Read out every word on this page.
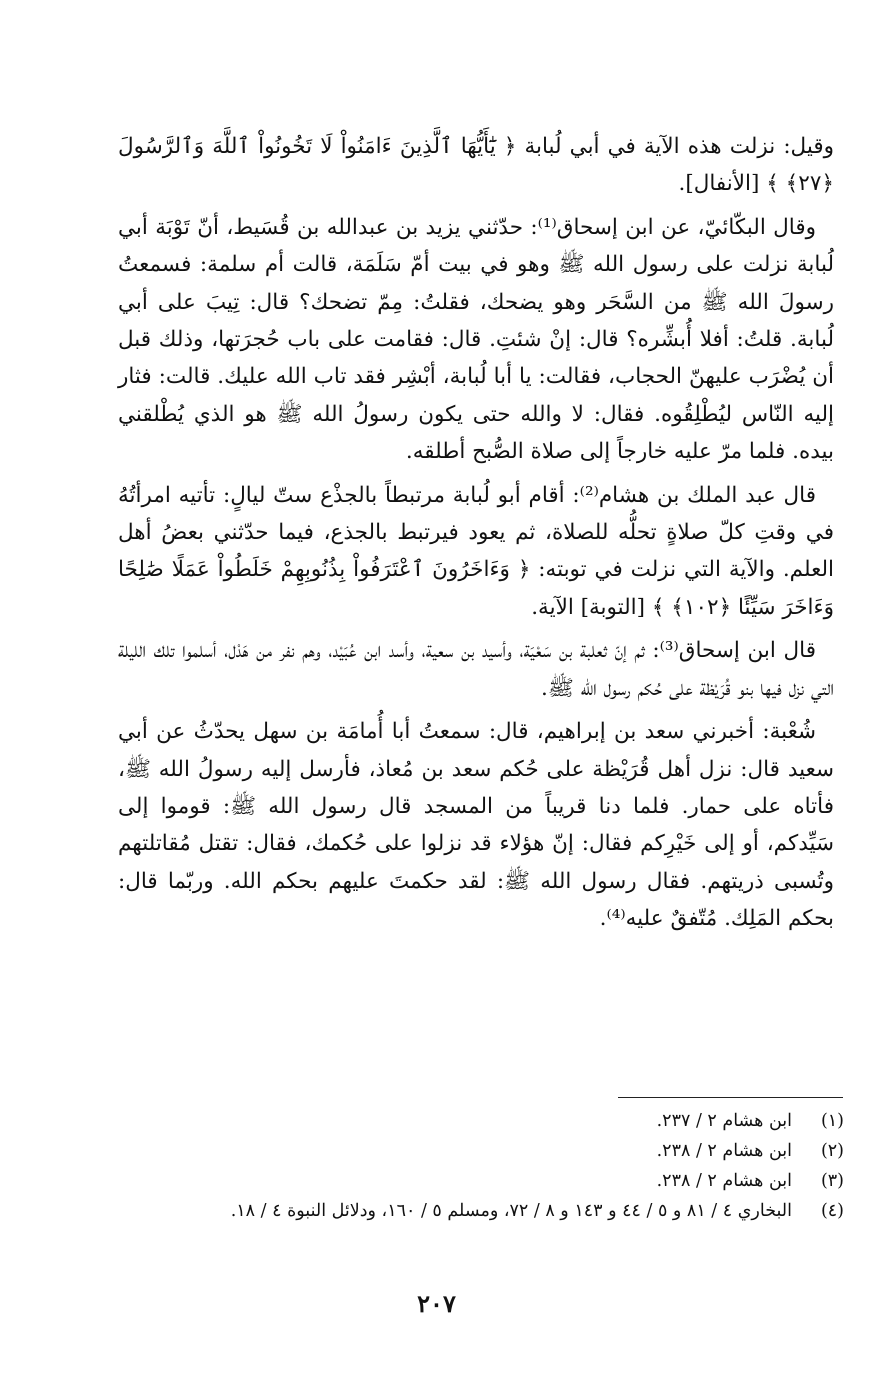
وقيل: نزلت هذه الآية في أبي لُبابة ﴿ يَٰٓأَيُّهَا ٱلَّذِينَ ءَامَنُواْ لَا تَخُونُواْ ٱللَّهَ وَٱلرَّسُولَ ﴿٢٧﴾ ﴾ [الأنفال].

وقال البكّائيّ، عن ابن إسحاق⁽¹⁾: حدّثني يزيد بن عبدالله بن قُسَيط، أنّ تَوْبَة أبي لُبابة نزلت على رسول الله ﷺ وهو في بيت أمّ سَلَمَة، قالت أم سلمة: فسمعتُ رسولَ الله ﷺ من السَّحَر وهو يضحك، فقلتُ: مِمّ تضحك؟ قال: تِيبَ على أبي لُبابة. قلتُ: أفلا أُبشِّره؟ قال: إنْ شئتِ. قال: فقامت على باب حُجرَتها، وذلك قبل أن يُضْرَب عليهنّ الحجاب، فقالت: يا أبا لُبابة، أبْشِر فقد تاب الله عليك. قالت: فثار إليه النّاس ليُطْلِقُوه. فقال: لا والله حتى يكون رسولُ الله ﷺ هو الذي يُطْلقني بيده. فلما مرّ عليه خارجاً إلى صلاة الصُّبح أطلقه.

قال عبد الملك بن هشام⁽²⁾: أقام أبو لُبابة مرتبطاً بالجذْع ستّ ليالٍ: تأتيه امرأتُهُ في وقتِ كلّ صلاةٍ تحلُّه للصلاة، ثم يعود فيرتبط بالجذع، فيما حدّثني بعضُ أهل العلم. والآية التي نزلت في توبته: ﴿ وَءَاخَرُونَ ٱعْتَرَفُواْ بِذُنُوبِهِمْ خَلَطُواْ عَمَلًا صَٰلِحًا وَءَاخَرَ سَيِّئًا ﴿١٠٢﴾ ﴾ [التوبة] الآية.

قال ابن إسحاق⁽³⁾: ثم إنّ ثعلبة بن سَعْيَة، وأسيد بن سعية، وأسد ابن عُبَيْد، وهم نفر من هَدْل، أسلموا تلك الليلة التي نزل فيها بنو قُرَيْظة على حُكم رسول الله ﷺ.

شُعْبة: أخبرني سعد بن إبراهيم، قال: سمعتُ أبا أُمامَة بن سهل يحدّثُ عن أبي سعيد قال: نزل أهل قُرَيْظة على حُكم سعد بن مُعاذ، فأرسل إليه رسولُ الله ﷺ، فأتاه على حمار. فلما دنا قريباً من المسجد قال رسول الله ﷺ: قوموا إلى سَيِّدكم، أو إلى خَيْرِكم فقال: إنّ هؤلاء قد نزلوا على حُكمك، فقال: تقتل مُقاتلتهم وتُسبى ذريتهم. فقال رسول الله ﷺ: لقد حكمتَ عليهم بحكم الله. وربّما قال: بحكم المَلِك. مُتّفقٌ عليه⁽⁴⁾.

(١)ابن هشام ٢ / ٢٣٧.

(٢)ابن هشام ٢ / ٢٣٨.

(٣)ابن هشام ٢ / ٢٣٨.

(٤)البخاري ٤ / ٨١ و ٥ / ٤٤ و ١٤٣ و ٨ / ٧٢، ومسلم ٥ / ١٦٠، ودلائل النبوة ٤ / ١٨.

٢٠٧
